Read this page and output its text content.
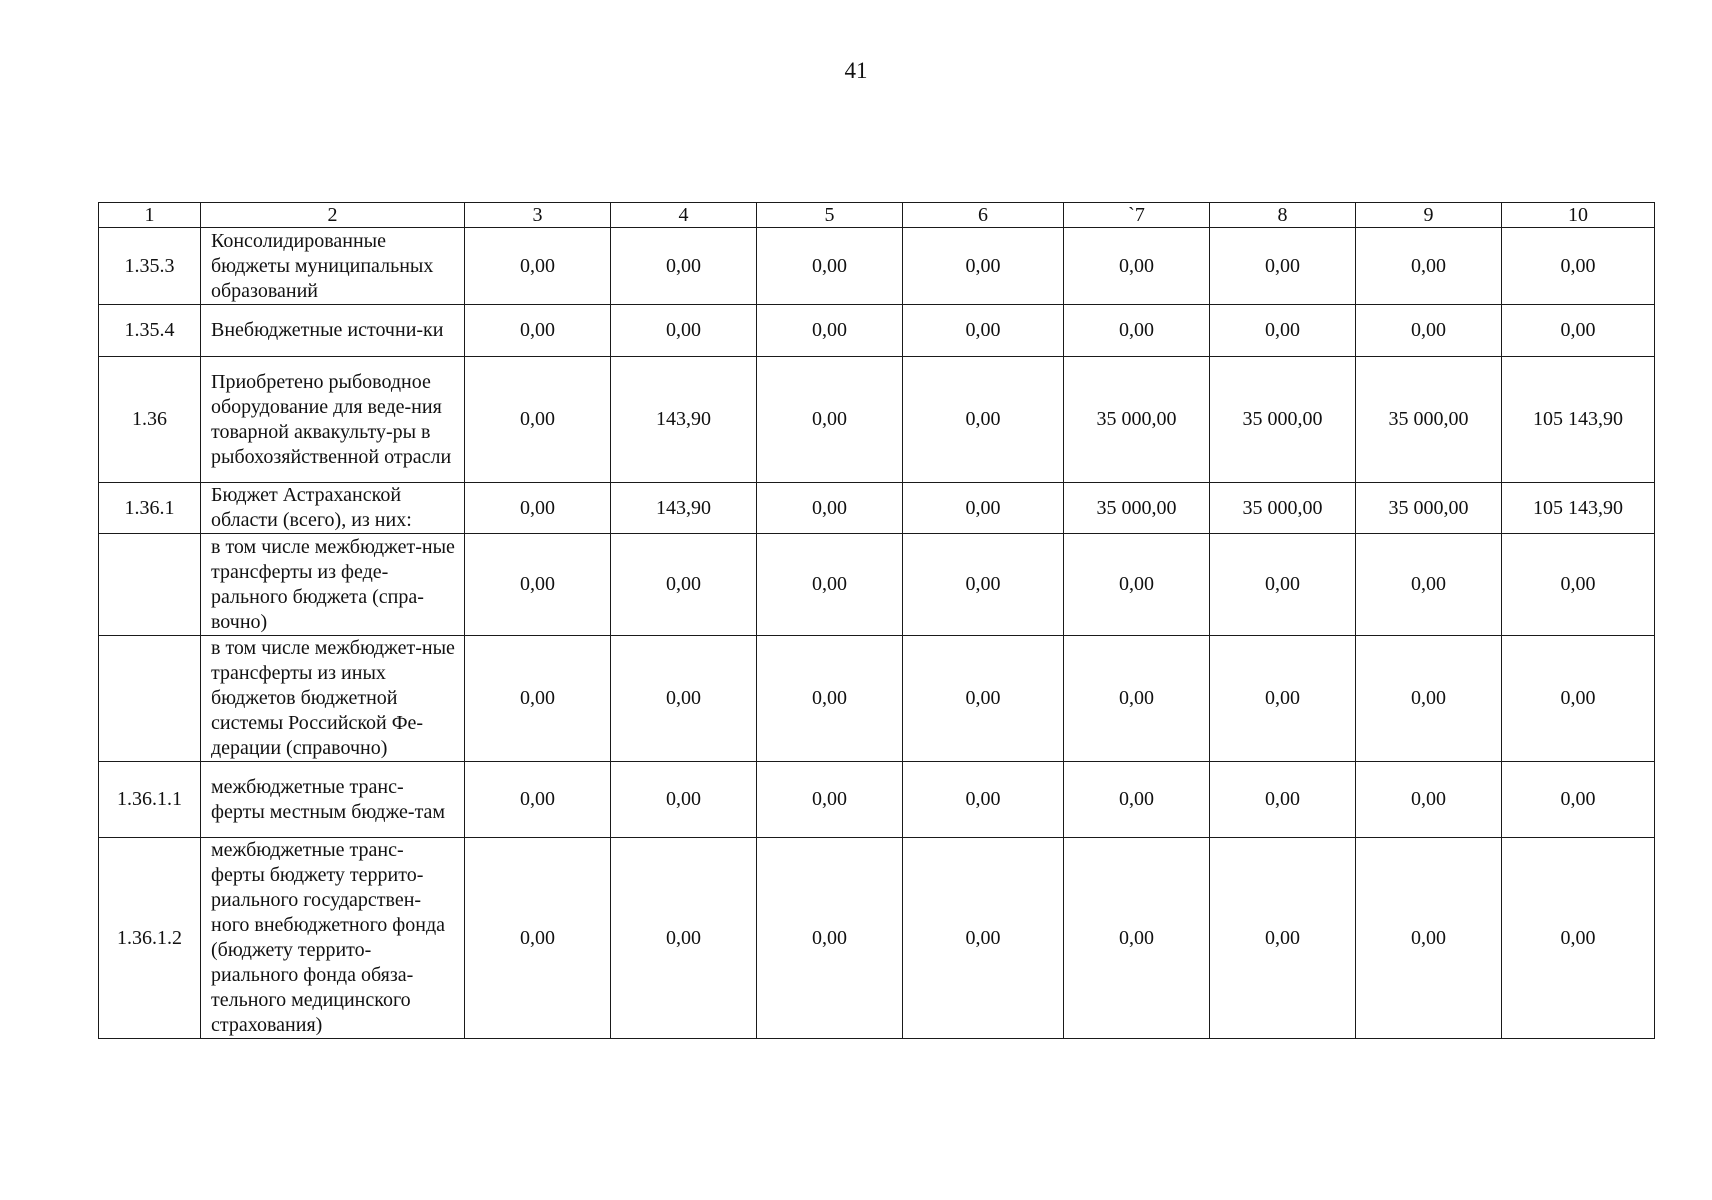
41
1	2	3	4	5	6	`7	8	9	10
1.35.3	Консолидированные бюджеты муниципальных образований	0,00	0,00	0,00	0,00	0,00	0,00	0,00	0,00
1.35.4	Внебюджетные источни-ки	0,00	0,00	0,00	0,00	0,00	0,00	0,00	0,00
1.36	Приобретено рыбоводное оборудование для веде-ния товарной аквакульту-ры в рыбохозяйственной отрасли	0,00	143,90	0,00	0,00	35 000,00	35 000,00	35 000,00	105 143,90
1.36.1	Бюджет Астраханской области (всего), из них:	0,00	143,90	0,00	0,00	35 000,00	35 000,00	35 000,00	105 143,90
	в том числе межбюджет-ные трансферты из феде-рального бюджета (спра-вочно)	0,00	0,00	0,00	0,00	0,00	0,00	0,00	0,00
	в том числе межбюджет-ные трансферты из иных бюджетов бюджетной системы Российской Фе-дерации (справочно)	0,00	0,00	0,00	0,00	0,00	0,00	0,00	0,00
1.36.1.1	межбюджетные транс-ферты местным бюдже-там	0,00	0,00	0,00	0,00	0,00	0,00	0,00	0,00
1.36.1.2	межбюджетные транс-ферты бюджету террито-риального государствен-ного внебюджетного фонда (бюджету террито-риального фонда обяза-тельного медицинского страхования)	0,00	0,00	0,00	0,00	0,00	0,00	0,00	0,00
